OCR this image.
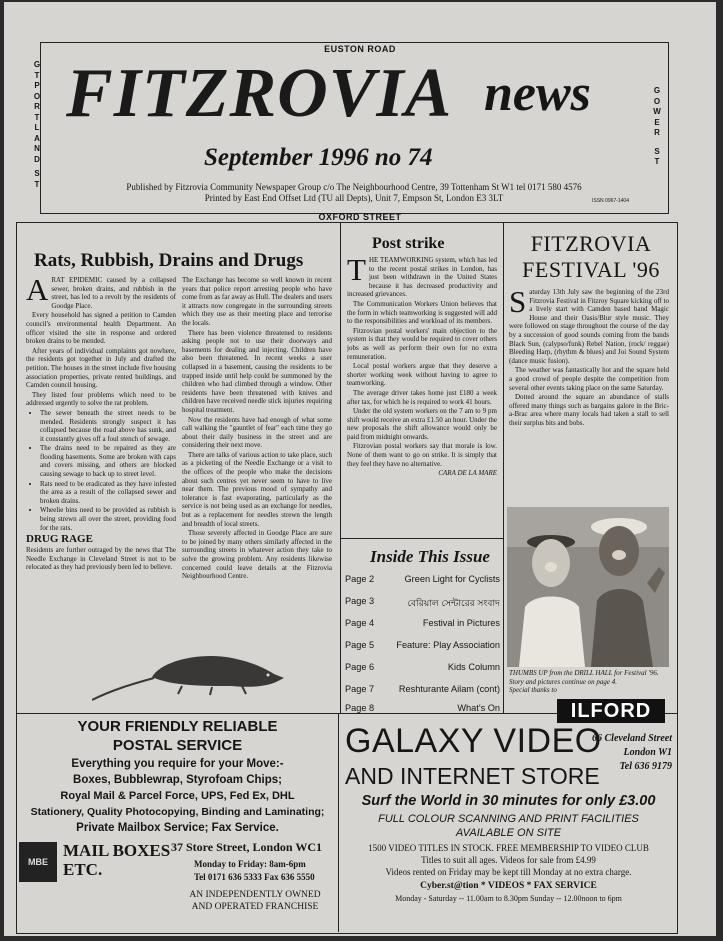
EUSTON ROAD
G
T
P
O
R
T
L
A
N
D
S
T
G
O
W
E
R
S
T
FITZROVIA news
September 1996 no 74
Published by Fitzrovia Community Newspaper Group c/o The Neighbourhood Centre, 39 Tottenham St W1 tel 0171 580 4576
Printed by East End Offset Ltd (TU all Depts), Unit 7, Empson St, London E3 3LT	ISSN 0967-1404
OXFORD STREET
Rats, Rubbish, Drains and Drugs

ARAT EPIDEMIC caused by a collapsed sewer, broken drains, and rubbish in the street, has led to a revolt by the residents of Goodge Place.

Every household has signed a petition to Camden council's environmental health Department. An officer visited the site in response and ordered broken drains to be mended.

After years of individual complaints got nowhere, the residents got together in July and drafted the petition. The houses in the street include five housing association properties, private rented buildings, and Camden council housing.

They listed four problems which need to be addressed urgently to solve the rat problem.

• The sewer beneath the street needs to be mended. Residents strongly suspect it has collapsed because the road above has sunk, and it constantly gives off a foul stench of sewage.
• The drains need to be repaired as they are flooding basements. Some are broken with caps and covers missing, and others are blocked causing sewage to back up to street level.
• Rats need to be eradicated as they have infested the area as a result of the collapsed sewer and broken drains.
• Wheelie bins need to be provided as rubbish is being strewn all over the street, providing food for the rats.

DRUG RAGE

Residents are further outraged by the news that The Needle Exchange in Cleveland Street is not to be relocated as they had previously been led to believe.

The Exchange has become so well known in recent years that police report arresting people who have come from as far away as Hull. The dealers and users it attracts now congregate in the surrounding streets which they use as their meeting place and terrorise the locals.

There has been violence threatened to residents asking people not to use their doorways and basements for dealing and injecting. Children have also been threatened. In recent weeks a user collapsed in a basement, causing the residents to be trapped inside until help could be summoned by the children who had climbed through a window. Other residents have been threatened with knives and children have received needle stick injuries requiring hospital treatment.

Now the residents have had enough of what some call walking the "gauntlet of fear" each time they go about their daily business in the street and are considering their next move.

There are talks of various action to take place, such as a picketing of the Needle Exchange or a visit to the offices of the people who make the decisions about such centres yet never seem to have to live near them. The previous mood of sympathy and tolerance is fast evaporating, particularly as the service is not being used as an exchange for needles, but as a replacement for needles strewn the length and breadth of local streets.

Those severely affected in Goodge Place are sure to be joined by many others similarly affected in the surrounding streets in whatever action they take to solve the growing problem. Any residents likewise concerned could leave details at the Fitzrovia Neighbourhood Centre.

Post strike

THE TEAMWORKING system, which has led to the recent postal strikes in London, has just been withdrawn in the United States because it has decreased productivity and increased grievances.

The Communication Workers Union believes that the form in which teamworking is suggested will add to the responsibilities and workload of its members.

Fitzrovian postal workers' main objection to the system is that they would be required to cover others jobs as well as perform their own for no extra remuneration.

Local postal workers argue that they deserve a shorter working week without having to agree to teamworking.

The average driver takes home just £180 a week after tax, for which he is required to work 41 hours.

Under the old system workers on the 7 am to 9 pm shift would receive an extra £1.50 an hour. Under the new proposals the shift allowance would only be paid from midnight onwards.

Fitzrovian postal workers say that morale is low. None of them want to go on strike. It is simply that they feel they have no alternative.

CARA DE LA MARE

Inside This Issue
Page 2	Green Light for Cyclists
Page 3	বেরিয়াল সেন্টারের সংবাদ
Page 4	Festival in Pictures
Page 5 Feature: Play Association
Page 6	Kids Column
Page 7	Reshturante Ailam (cont)
Page 8	What's On
FITZROVIA
FESTIVAL '96

Saturday 13th July saw the beginning of the 23rd Fitzrovia Festival in Fitzroy Square kicking off to a lively start with Camden based band Magic House and their Oasis/Blur style music. They were followed on stage throughout the course of the day by a succession of good sounds coming from the bands Black Sun, (calypso/funk) Rebel Nation, (rock/ reggae) Bleeding Harp, (rhythm & blues) and Joi Sound System (dance music fusion).

The weather was fantastically hot and the square held a good crowd of people despite the competition from several other events taking place on the same Saturday.

Dotted around the square an abundance of stalls offered many things such as bargains galore in the Bric-a-Brac area where many locals had taken a stall to sell their surplus bits and bobs.

THUMBS UP from the DRILL HALL for Festival '96. Story and pictures continue on page 4.
Special thanks to
ILFORD
YOUR FRIENDLY RELIABLE
POSTAL SERVICE
Everything you require for your Move:-
Boxes, Bubblewrap, Styrofoam Chips;
Royal Mail & Parcel Force, UPS, Fed Ex, DHL
Stationery, Quality Photocopying, Binding and Laminating;
Private Mailbox Service; Fax Service.
37 Store Street, London WC1
Monday to Friday: 8am-6pm
Tel 0171 636 5333 Fax 636 5550
AN INDEPENDENTLY OWNED
AND OPERATED FRANCHISE
MBE
MAIL BOXES
ETC.
GALAXY VIDEO
AND INTERNET STORE
66 Cleveland Street
London W1
Tel 636 9179
Surf the World in 30 minutes for only £3.00
FULL COLOUR SCANNING AND PRINT FACILITIES
AVAILABLE ON SITE
1500 VIDEO TITLES IN STOCK. FREE MEMBERSHIP TO VIDEO CLUB
Titles to suit all ages. Videos for sale from £4.99
Videos rented on Friday may be kept till Monday at no extra charge.
Cyber.st@tion * VIDEOS * FAX SERVICE
Monday - Saturday -- 11.00am to 8.30pm Sunday -- 12.00noon to 6pm
